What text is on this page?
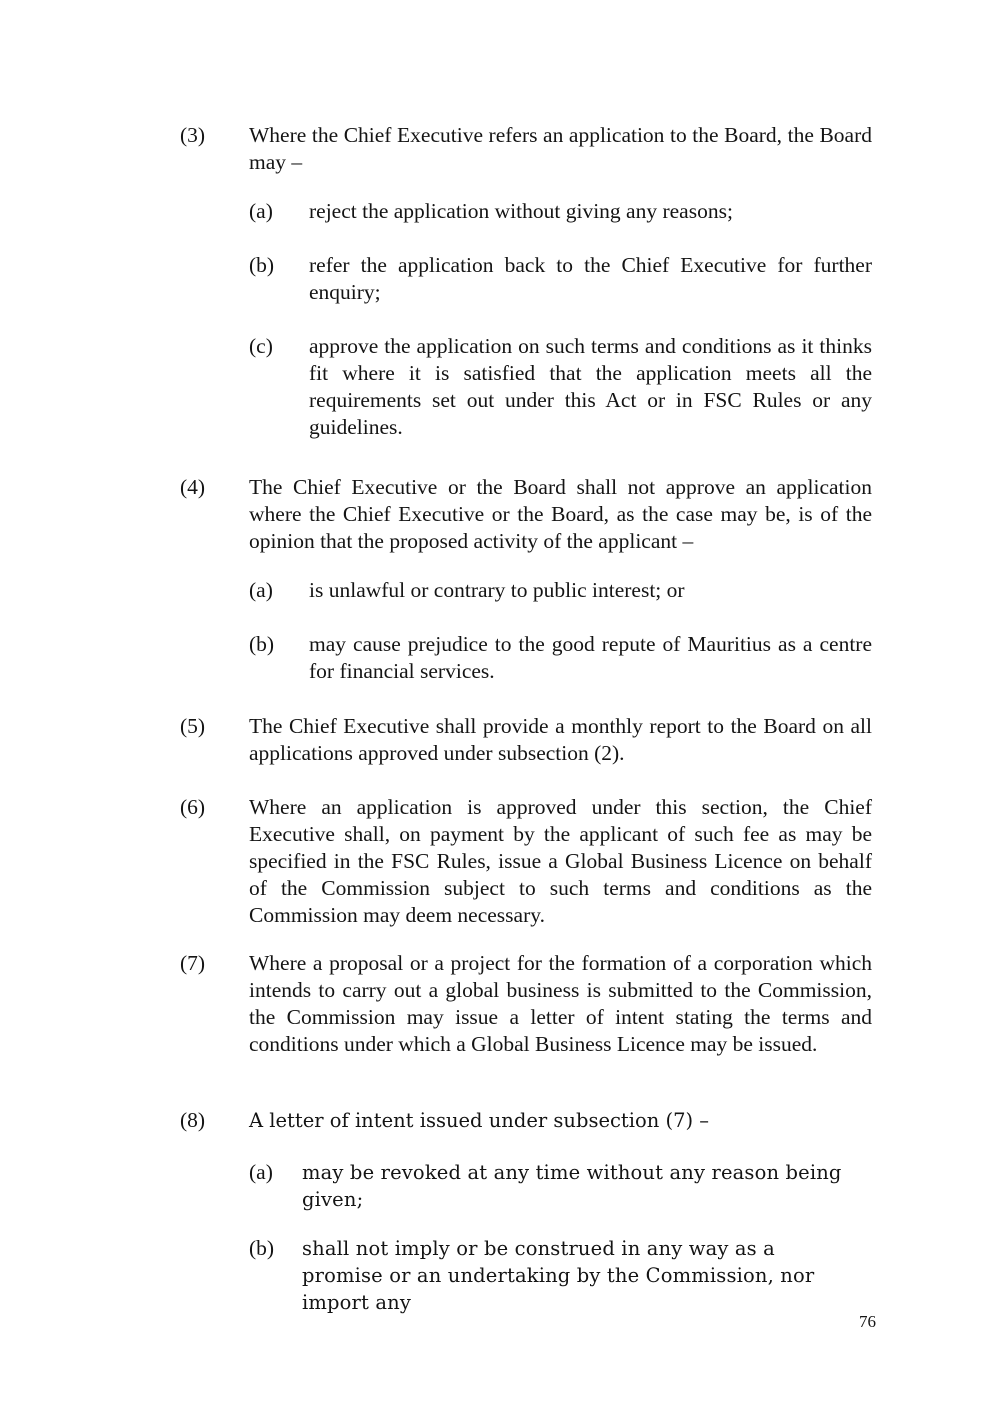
(3) Where the Chief Executive refers an application to the Board, the Board may –
(a) reject the application without giving any reasons;
(b) refer the application back to the Chief Executive for further enquiry;
(c) approve the application on such terms and conditions as it thinks fit where it is satisfied that the application meets all the requirements set out under this Act or in FSC Rules or any guidelines.
(4) The Chief Executive or the Board shall not approve an application where the Chief Executive or the Board, as the case may be, is of the opinion that the proposed activity of the applicant –
(a) is unlawful or contrary to public interest; or
(b) may cause prejudice to the good repute of Mauritius as a centre for financial services.
(5) The Chief Executive shall provide a monthly report to the Board on all applications approved under subsection (2).
(6) Where an application is approved under this section, the Chief Executive shall, on payment by the applicant of such fee as may be specified in the FSC Rules, issue a Global Business Licence on behalf of the Commission subject to such terms and conditions as the Commission may deem necessary.
(7) Where a proposal or a project for the formation of a corporation which intends to carry out a global business is submitted to the Commission, the Commission may issue a letter of intent stating the terms and conditions under which a Global Business Licence may be issued.
(8) A letter of intent issued under subsection (7) –
(a) may be revoked at any time without any reason being given;
(b) shall not imply or be construed in any way as a promise or an undertaking by the Commission, nor import any
76
